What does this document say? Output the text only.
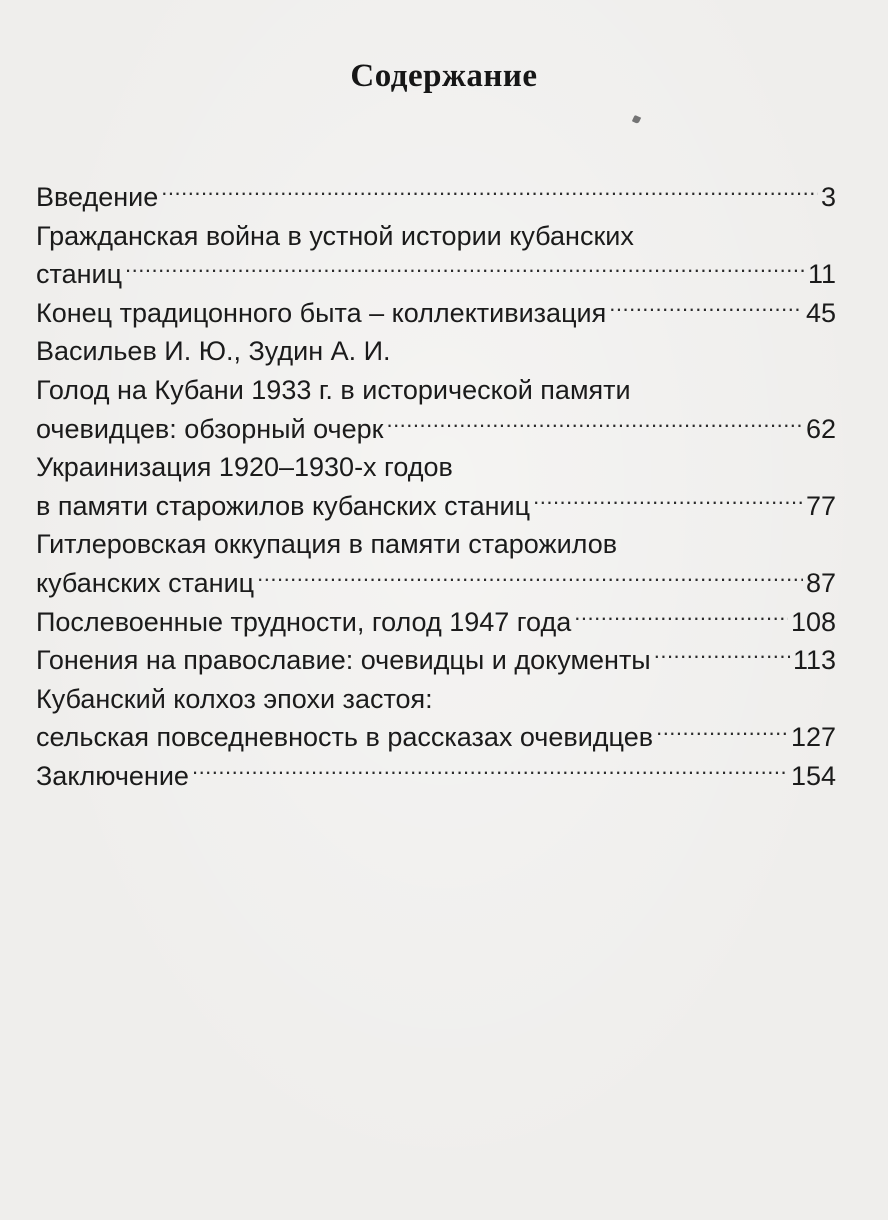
Содержание
Введение .....	3
Гражданская война в устной истории кубанских
станиц .....	11
Конец традицонного быта – коллективизация .....	45
Васильев И. Ю., Зудин А. И.
Голод на Кубани 1933 г. в исторической памяти
очевидцев: обзорный очерк .....	62
Украинизация 1920–1930-х годов
в памяти старожилов кубанских станиц .....	77
Гитлеровская оккупация в памяти старожилов
кубанских станиц .....	87
Послевоенные трудности, голод 1947 года .....	108
Гонения на православие: очевидцы и документы .....	113
Кубанский колхоз эпохи застоя:
сельская повседневность в рассказах очевидцев .....	127
Заключение .....	154
